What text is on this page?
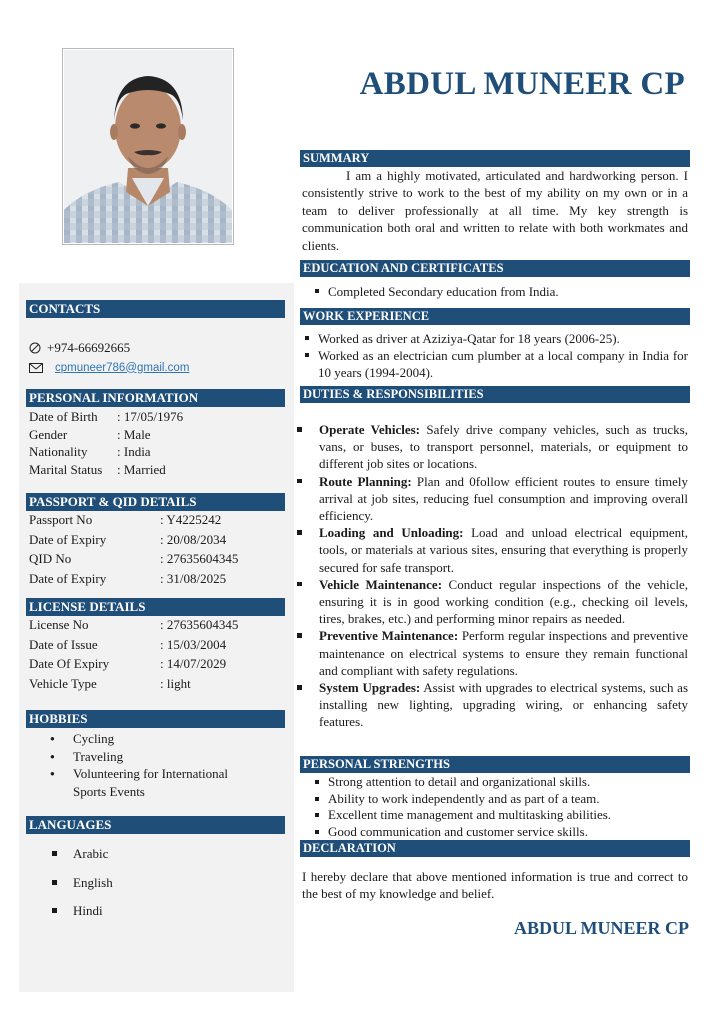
ABDUL MUNEER CP
CONTACTS
+974-66692665
cpmuneer786@gmail.com
PERSONAL INFORMATION
Date of Birth	: 17/05/1976
Gender	: Male
Nationality	: India
Marital Status	: Married
PASSPORT & QID DETAILS
Passport No	: Y4225242
Date of Expiry	: 20/08/2034
QID No	: 27635604345
Date of Expiry	: 31/08/2025
LICENSE DETAILS
License No	: 27635604345
Date of Issue	: 15/03/2004
Date Of Expiry	: 14/07/2029
Vehicle Type	: light
HOBBIES
● Cycling
● Traveling
● Volunteering for International Sports Events
LANGUAGES
Arabic
English
Hindi
SUMMARY
I am a highly motivated, articulated and hardworking person. I consistently strive to work to the best of my ability on my own or in a team to deliver professionally at all time. My key strength is communication both oral and written to relate with both workmates and clients.
EDUCATION AND CERTIFICATES
Completed Secondary education from India.
WORK EXPERIENCE
Worked as driver at Aziziya-Qatar for 18 years (2006-25).
Worked as an electrician cum plumber at a local company in India for 10 years (1994-2004).
DUTIES & RESPONSIBILITIES
Operate Vehicles: Safely drive company vehicles, such as trucks, vans, or buses, to transport personnel, materials, or equipment to different job sites or locations.
Route Planning: Plan and 0follow efficient routes to ensure timely arrival at job sites, reducing fuel consumption and improving overall efficiency.
Loading and Unloading: Load and unload electrical equipment, tools, or materials at various sites, ensuring that everything is properly secured for safe transport.
Vehicle Maintenance: Conduct regular inspections of the vehicle, ensuring it is in good working condition (e.g., checking oil levels, tires, brakes, etc.) and performing minor repairs as needed.
Preventive Maintenance: Perform regular inspections and preventive maintenance on electrical systems to ensure they remain functional and compliant with safety regulations.
System Upgrades: Assist with upgrades to electrical systems, such as installing new lighting, upgrading wiring, or enhancing safety features.
PERSONAL STRENGTHS
Strong attention to detail and organizational skills.
Ability to work independently and as part of a team.
Excellent time management and multitasking abilities.
Good communication and customer service skills.
DECLARATION
I hereby declare that above mentioned information is true and correct to the best of my knowledge and belief.
ABDUL MUNEER CP
